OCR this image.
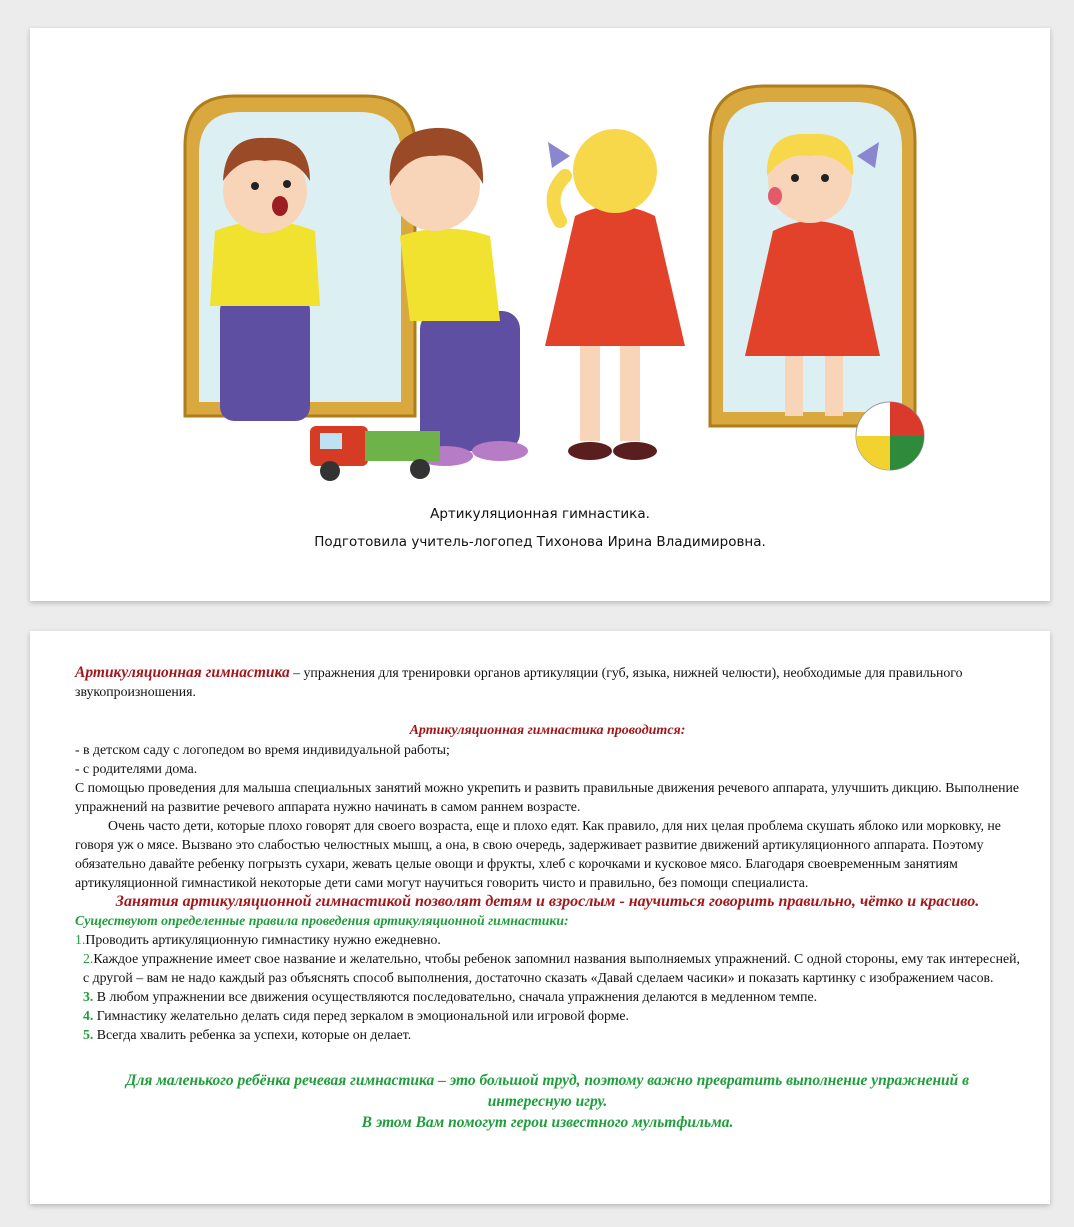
Артикуляционная гимнастика.
Подготовила учитель-логопед Тихонова Ирина Владимировна.

Артикуляционная гимнастика – упражнения для тренировки органов артикуляции (губ, языка, нижней челюсти), необходимые для правильного звукопроизношения.

Артикуляционная гимнастика проводится:

- в детском саду с логопедом во время индивидуальной работы;

- с родителями дома.

С помощью проведения для малыша специальных занятий можно укрепить и развить правильные движения речевого аппарата, улучшить дикцию. Выполнение упражнений на развитие речевого аппарата нужно начинать в самом раннем возрасте.

Очень часто дети, которые плохо говорят для своего возраста, еще и плохо едят. Как правило, для них целая проблема скушать яблоко или морковку, не говоря уж о мясе. Вызвано это слабостью челюстных мышц, а она, в свою очередь, задерживает развитие движений артикуляционного аппарата. Поэтому обязательно давайте ребенку погрызть сухари, жевать целые овощи и фрукты, хлеб с корочками и кусковое мясо. Благодаря своевременным занятиям артикуляционной гимнастикой некоторые дети сами могут научиться говорить чисто и правильно, без помощи специалиста.

Занятия артикуляционной гимнастикой позволят детям и взрослым - научиться говорить правильно, чётко и красиво.

Существуют определенные правила проведения артикуляционной гимнастики:

1.Проводить артикуляционную гимнастику нужно ежедневно.

2.Каждое упражнение имеет свое название и желательно, чтобы ребенок запомнил названия выполняемых упражнений. С одной стороны, ему так интересней, с другой – вам не надо каждый раз объяснять способ выполнения, достаточно сказать «Давай сделаем часики» и показать картинку с изображением часов.

3. В любом упражнении все движения осуществляются последовательно, сначала упражнения делаются в медленном темпе.

4. Гимнастику желательно делать сидя перед зеркалом в эмоциональной или игровой форме.

5. Всегда хвалить ребенка за успехи, которые он делает.

Для маленького ребёнка речевая гимнастика – это большой труд, поэтому важно превратить выполнение упражнений в интересную игру.

В этом Вам помогут герои известного мультфильма.
